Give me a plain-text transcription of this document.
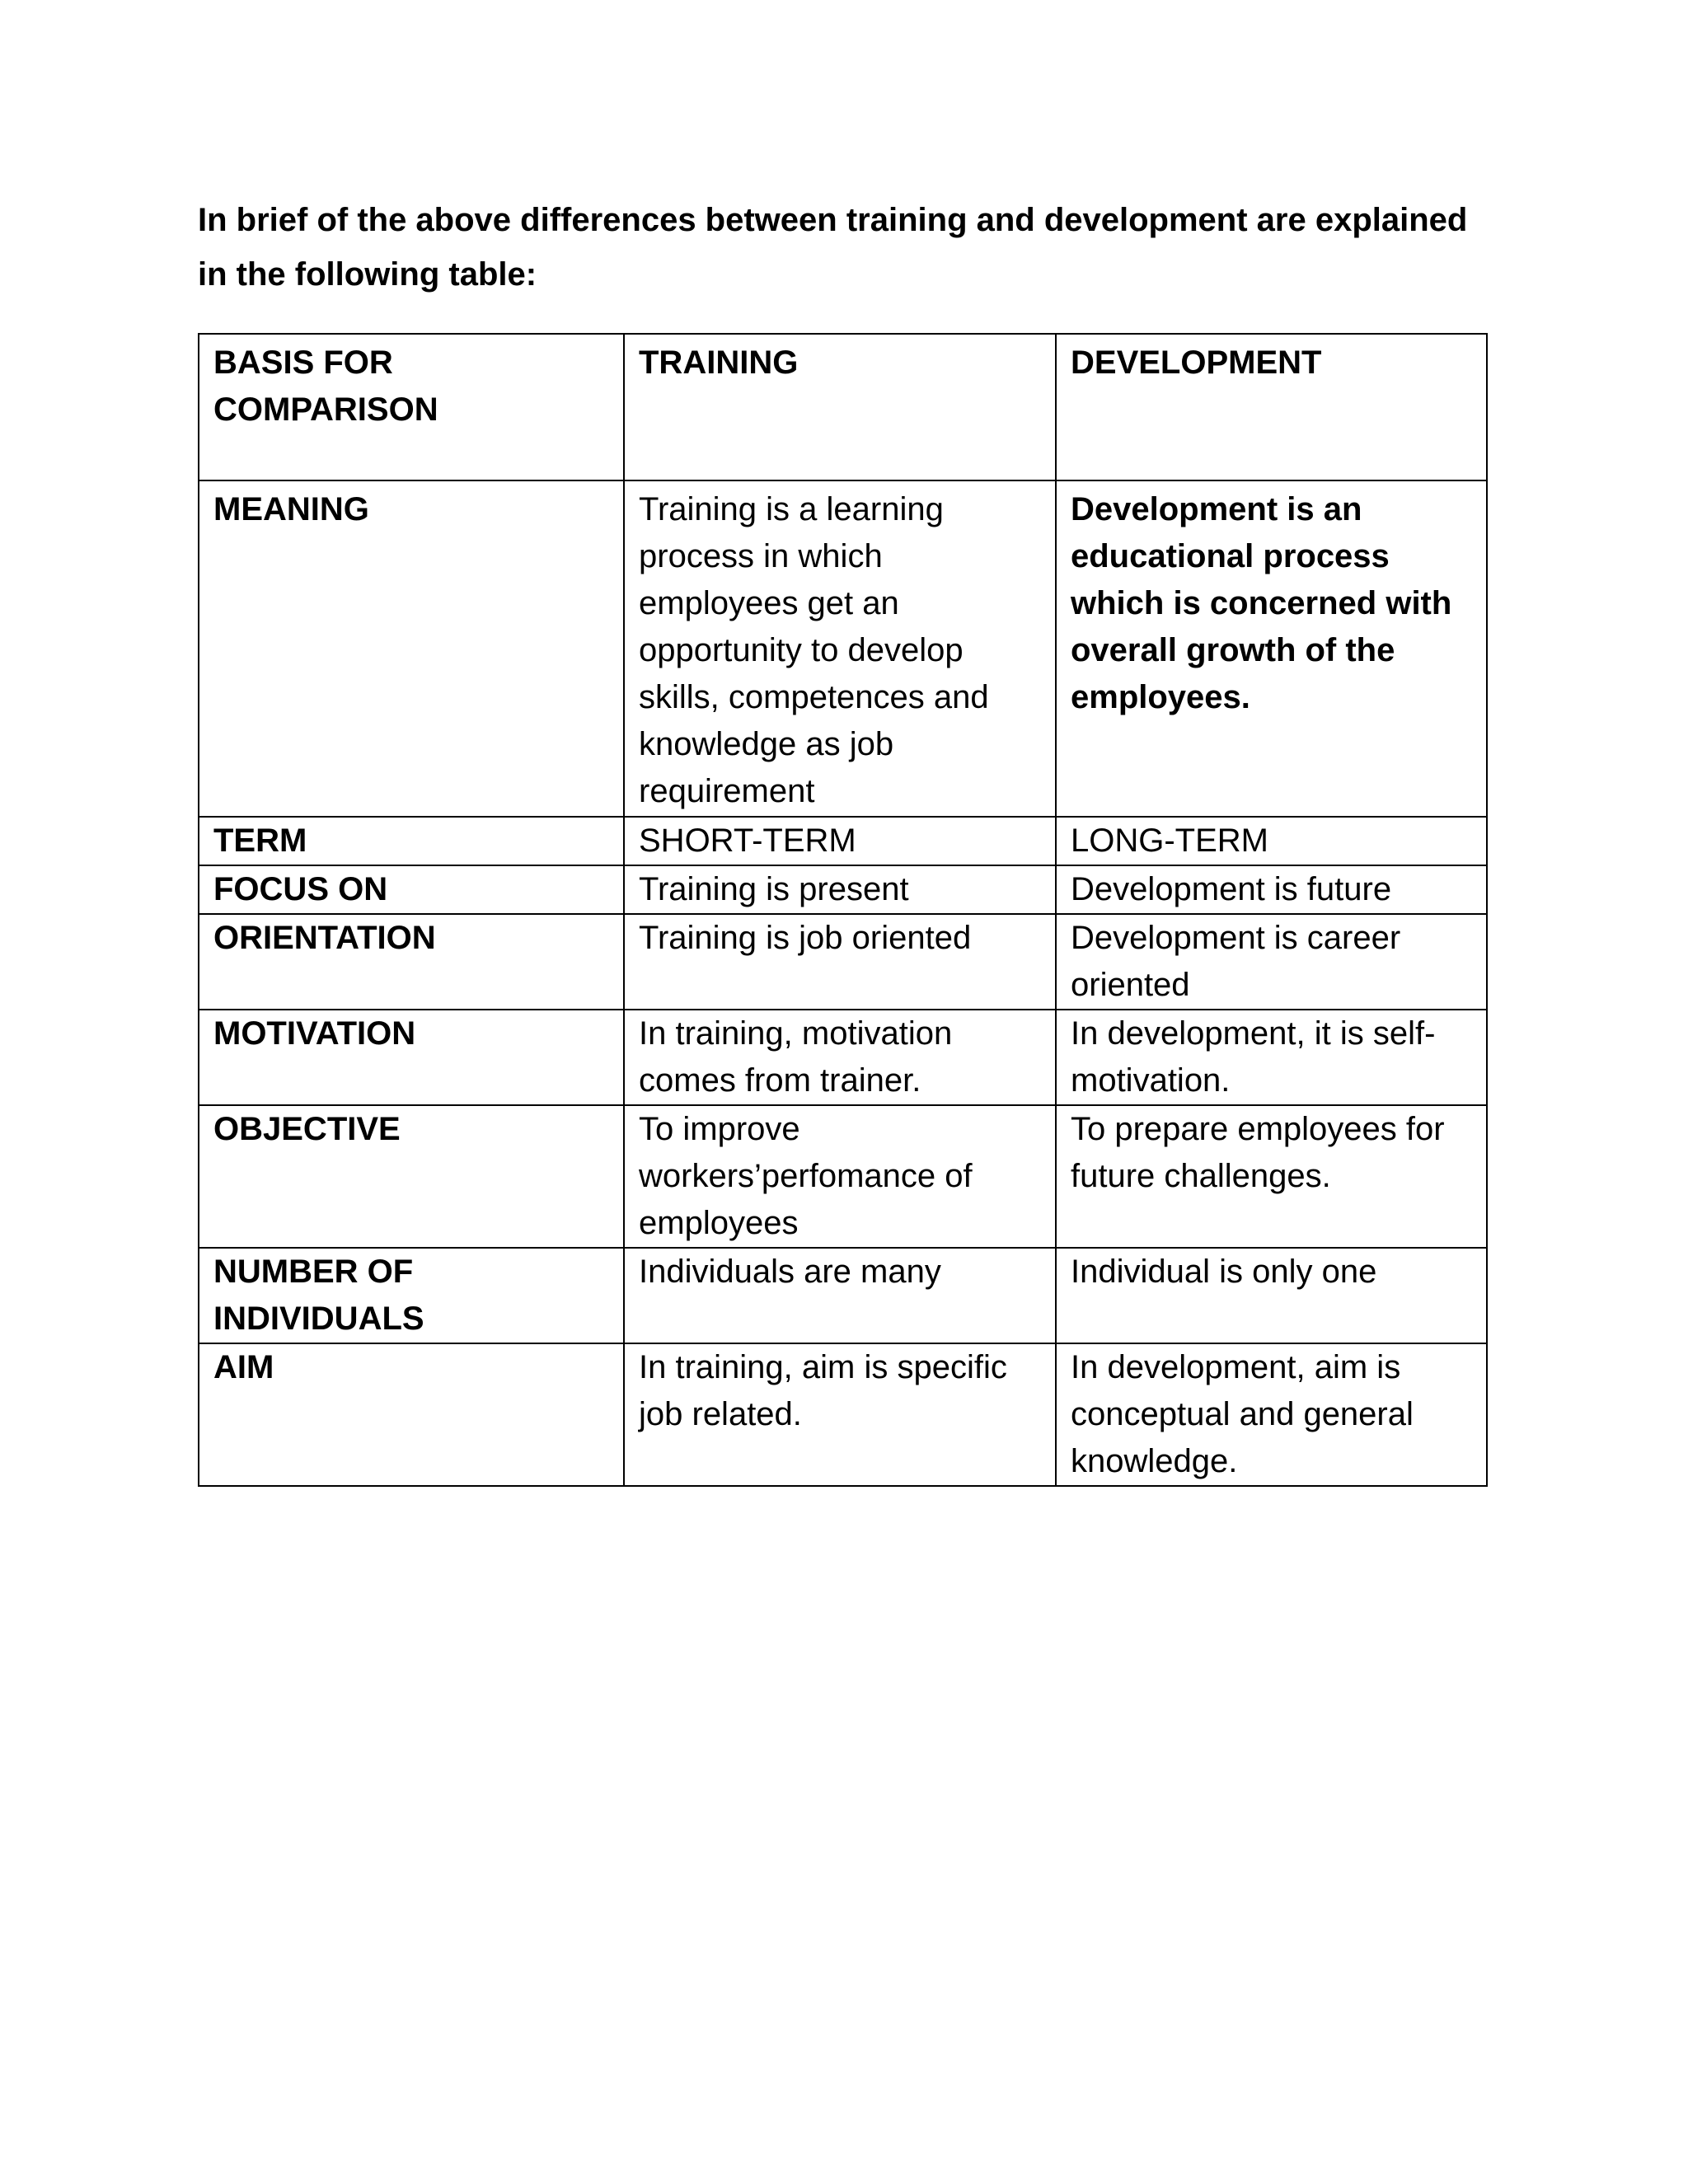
In brief of the above differences between training and development are explained in the following table:

BASIS FOR COMPARISON	TRAINING	DEVELOPMENT
MEANING	Training is a learning process in which employees get an opportunity to develop skills, competences and knowledge as job requirement	Development is an educational process which is concerned with overall growth of the employees.
TERM	SHORT-TERM	LONG-TERM
FOCUS ON	Training is present	Development is future
ORIENTATION	Training is job oriented	Development is career oriented
MOTIVATION	In training, motivation comes from trainer.	In development, it is self-motivation.
OBJECTIVE	To improve workers’perfomance of employees	To prepare employees for future challenges.
NUMBER OF INDIVIDUALS	Individuals are many	Individual is only one
AIM	In training, aim is specific job related.	In development, aim is conceptual and general knowledge.
